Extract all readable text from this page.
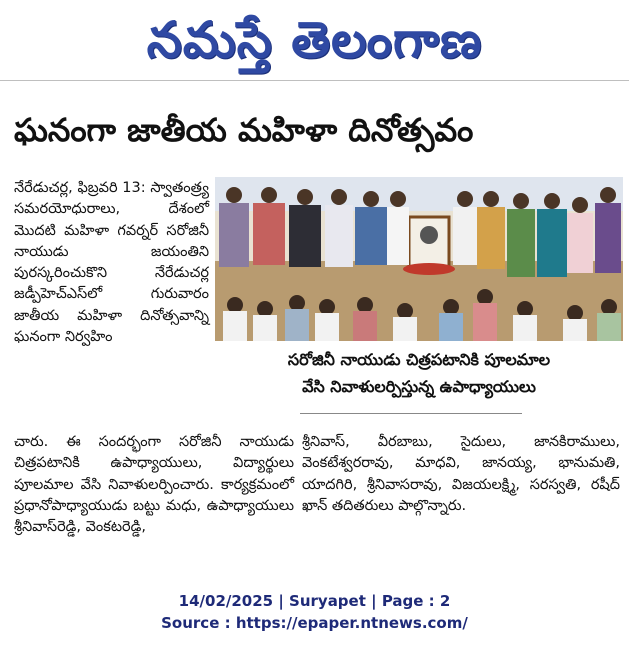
నమస్తే తెలంగాణ
ఘనంగా జాతీయ మహిళా దినోత్సవం

నేరేడుచర్ల, ఫిబ్రవరి 13: స్వాతంత్ర్య సమరయోధురాలు, దేశంలో మొదటి మహిళా గవర్నర్ సరోజినీ నాయుడు జయంతిని పురస్కరించుకొని నేరేడుచర్ల జడ్పీహెచ్ఎస్‌లో గురువారం జాతీయ మహిళా దినోత్సవాన్ని ఘనంగా నిర్వహిం

సరోజినీ నాయుడు చిత్రపటానికి పూలమాల
వేసి నివాళులర్పిస్తున్న ఉపాధ్యాయులు

చారు. ఈ సందర్భంగా సరోజినీ నాయుడు చిత్రపటానికి ఉపాధ్యాయులు, విద్యార్థులు పూలమాల వేసి నివాళులర్పించారు. కార్యక్రమంలో ప్రధానోపాధ్యాయుడు బట్టు మధు, ఉపాధ్యాయులు శ్రీనివాస్‌రెడ్డి, వెంకటరెడ్డి,

శ్రీనివాస్, వీరబాబు, సైదులు, జానకిరాములు, వెంకటేశ్వరరావు, మాధవి, జానయ్య, భానుమతి, యాదగిరి, శ్రీనివాసరావు, విజయలక్ష్మి, సరస్వతి, రషీద్ ఖాన్ తదితరులు పాల్గొన్నారు.

14/02/2025 | Suryapet | Page : 2
Source : https://epaper.ntnews.com/
